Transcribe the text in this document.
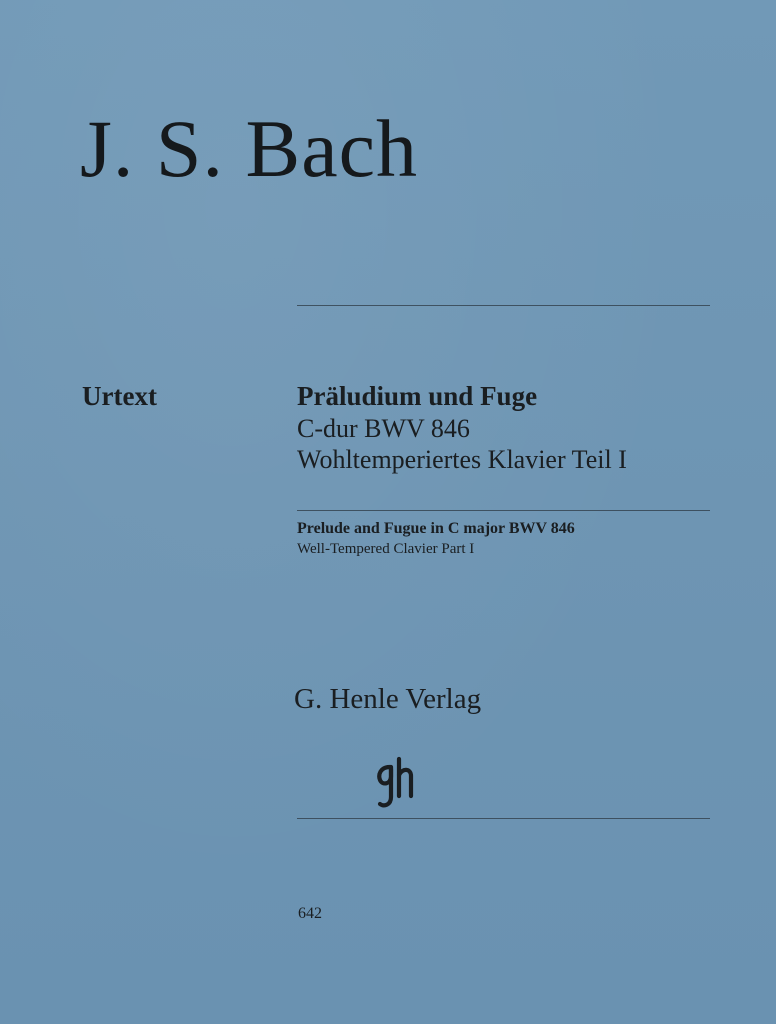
J. S. Bach
Urtext	Präludium und Fuge
C-dur BWV 846
Wohltemperiertes Klavier Teil I
Prelude and Fugue in C major BWV 846
Well-Tempered Clavier Part I
G. Henle Verlag
642
